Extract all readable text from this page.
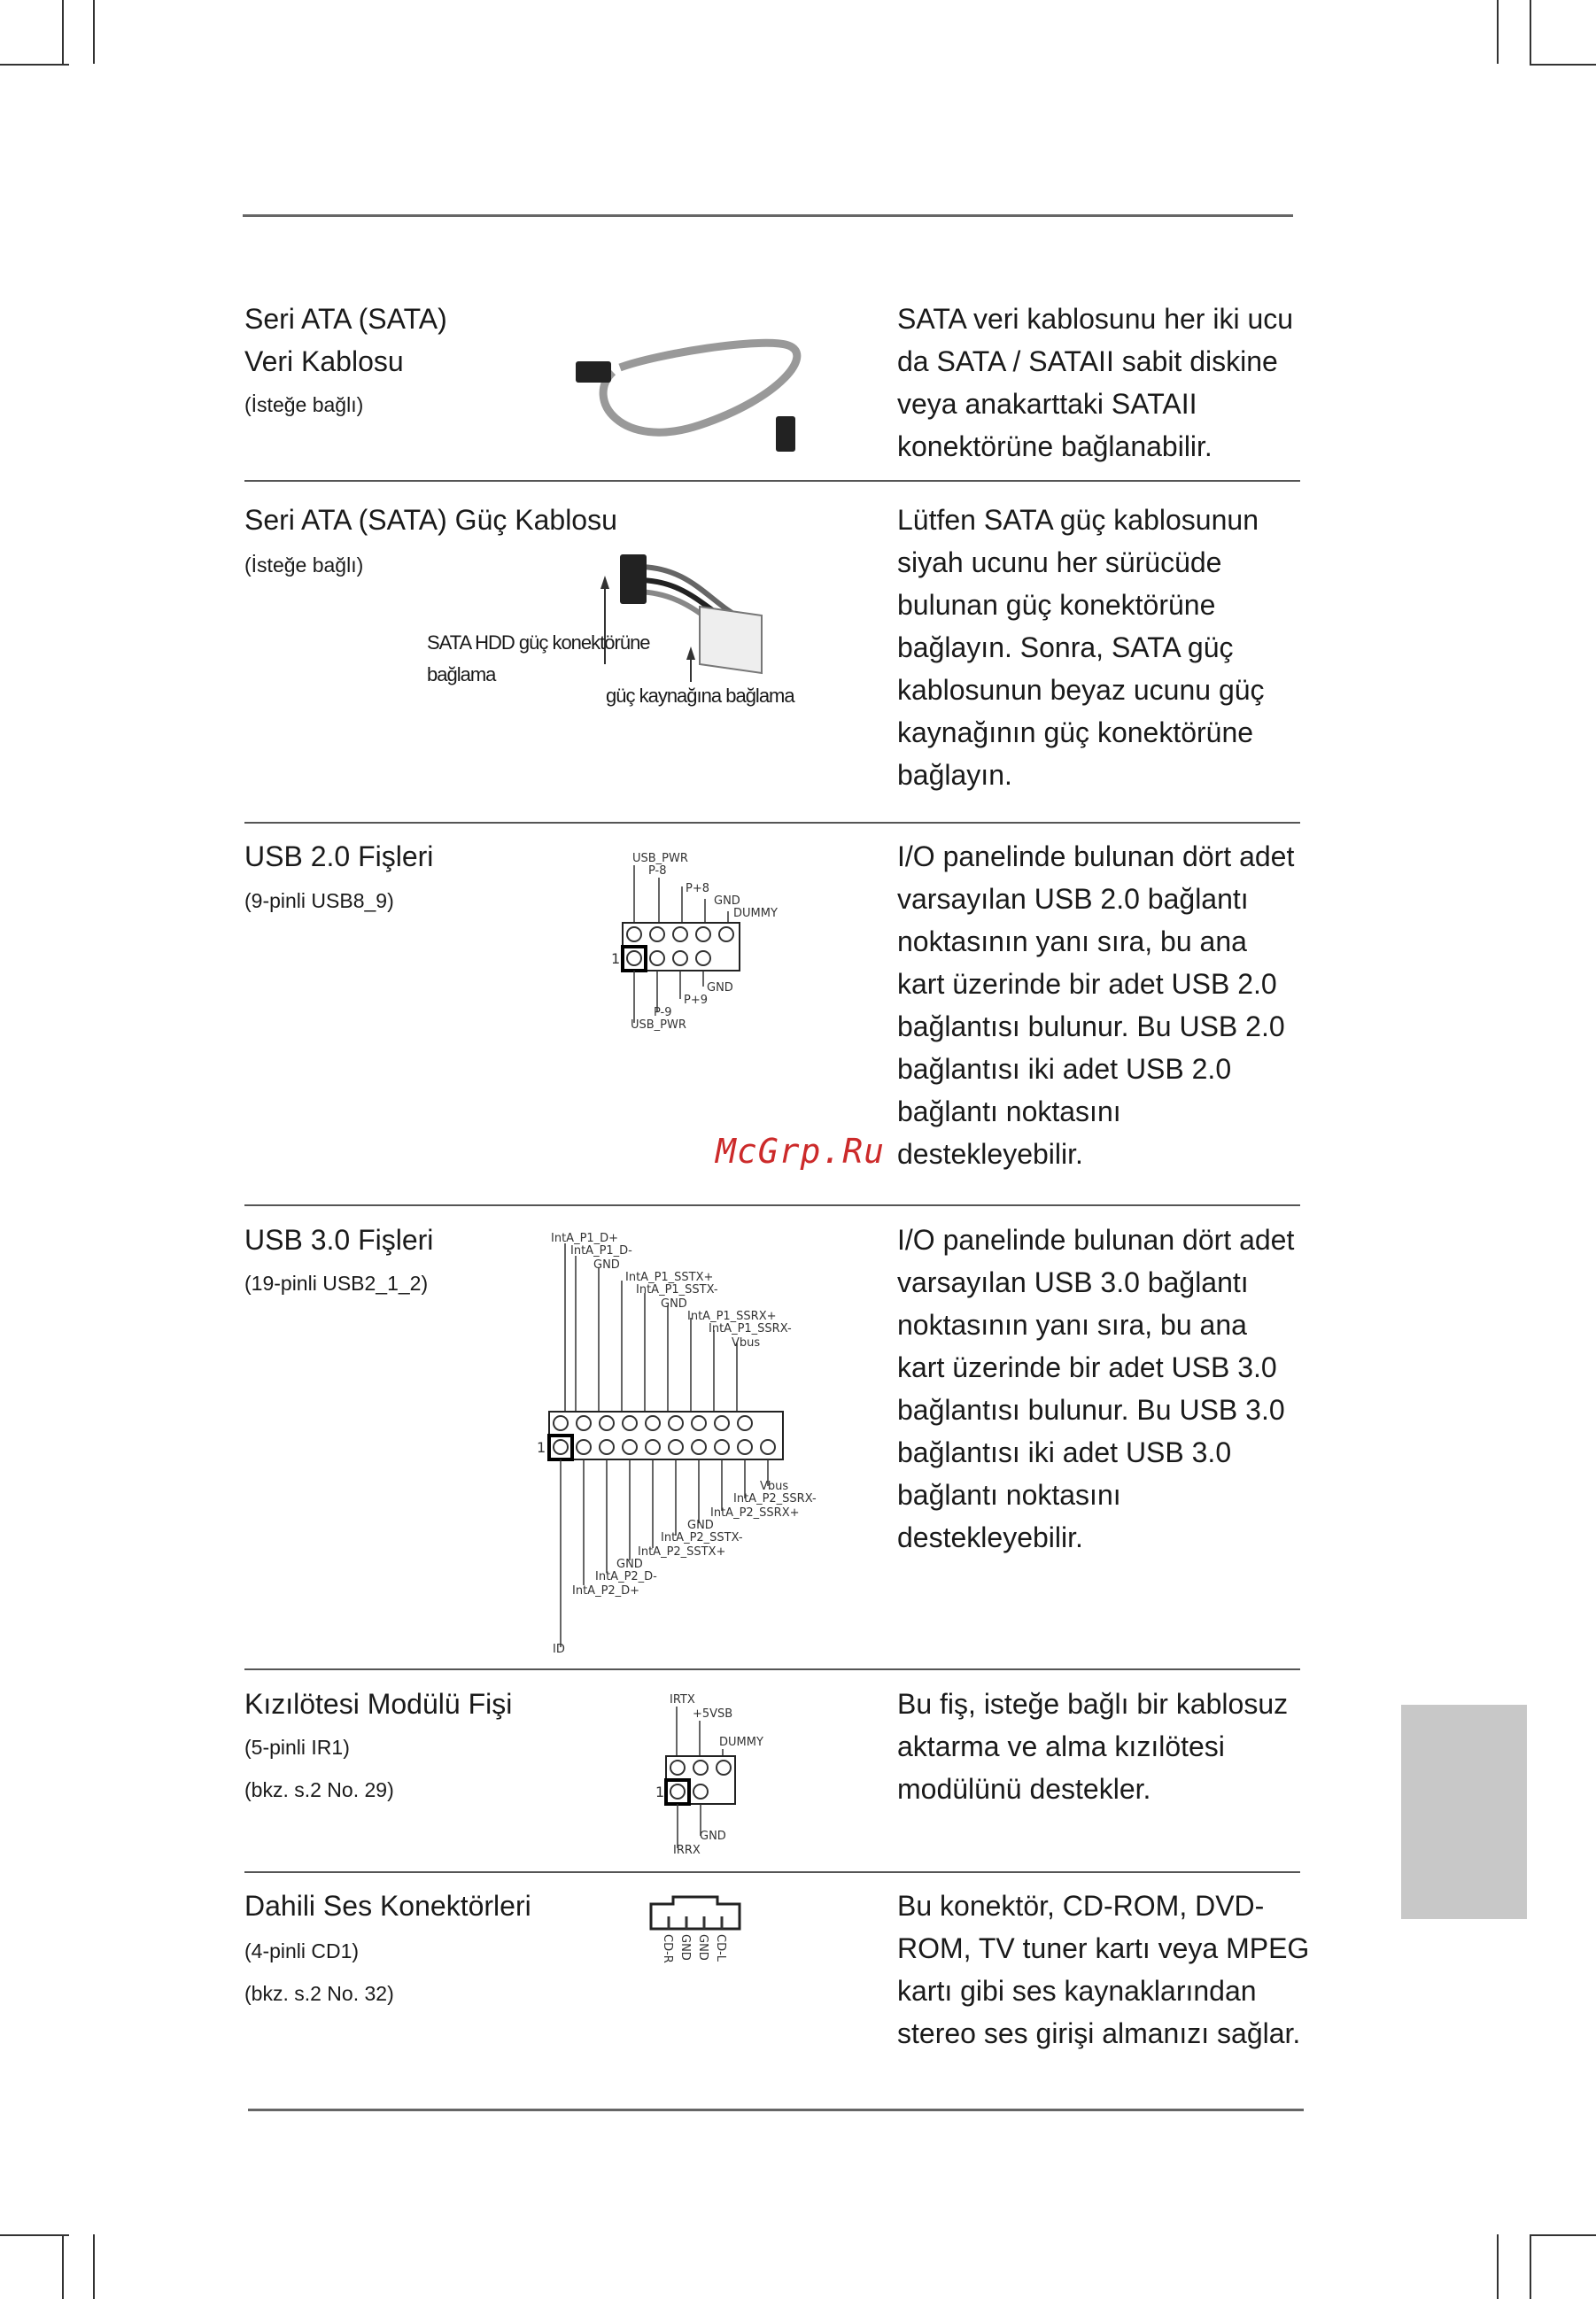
Seri ATA (SATA)
Veri Kablosu
(İsteğe bağlı)

SATA veri kablosunu her iki ucu

da SATA / SATAII sabit diskine

veya anakarttaki SATAII

konektörüne bağlanabilir.

Seri ATA (SATA) Güç Kablosu
(İsteğe bağlı)
SATA HDD güç konektörüne
bağlama
güç kaynağına bağlama

Lütfen SATA güç kablosunun

siyah ucunu her sürücüde

bulunan güç konektörüne

bağlayın. Sonra, SATA güç

kablosunun beyaz ucunu güç

kaynağının güç konektörüne

bağlayın.

USB 2.0 Fişleri
(9-pinli USB8_9)
USB_PWR
P-8
P+8
GND
DUMMY
1
GND
P+9
P-9
USB_PWR

I/O panelinde bulunan dört adet

varsayılan USB 2.0 bağlantı

noktasının yanı sıra, bu ana

kart üzerinde bir adet USB 2.0

bağlantısı bulunur. Bu USB 2.0

bağlantısı iki adet USB 2.0

bağlantı noktasını

destekleyebilir.

McGrp.Ru
USB 3.0 Fişleri
(19-pinli USB2_1_2)
IntA_P1_D+
IntA_P1_D-
GND
IntA_P1_SSTX+
IntA_P1_SSTX-
GND
IntA_P1_SSRX+
IntA_P1_SSRX-
Vbus
1
Vbus
IntA_P2_SSRX-
IntA_P2_SSRX+
GND
IntA_P2_SSTX-
IntA_P2_SSTX+
GND
IntA_P2_D-
IntA_P2_D+
ID

I/O panelinde bulunan dört adet

varsayılan USB 3.0 bağlantı

noktasının yanı sıra, bu ana

kart üzerinde bir adet USB 3.0

bağlantısı bulunur. Bu USB 3.0

bağlantısı iki adet USB 3.0

bağlantı noktasını

destekleyebilir.

Kızılötesi Modülü Fişi
(5-pinli IR1)
(bkz. s.2 No. 29)
IRTX
+5VSB
DUMMY
1
GND
IRRX

Bu fiş, isteğe bağlı bir kablosuz

aktarma ve alma kızılötesi

modülünü destekler.

Dahili Ses Konektörleri
(4-pinli CD1)
(bkz. s.2 No. 32)
CD-R GND GND CD-L

Bu konektör, CD-ROM, DVD-

ROM, TV tuner kartı veya MPEG

kartı gibi ses kaynaklarından

stereo ses girişi almanızı sağlar.
